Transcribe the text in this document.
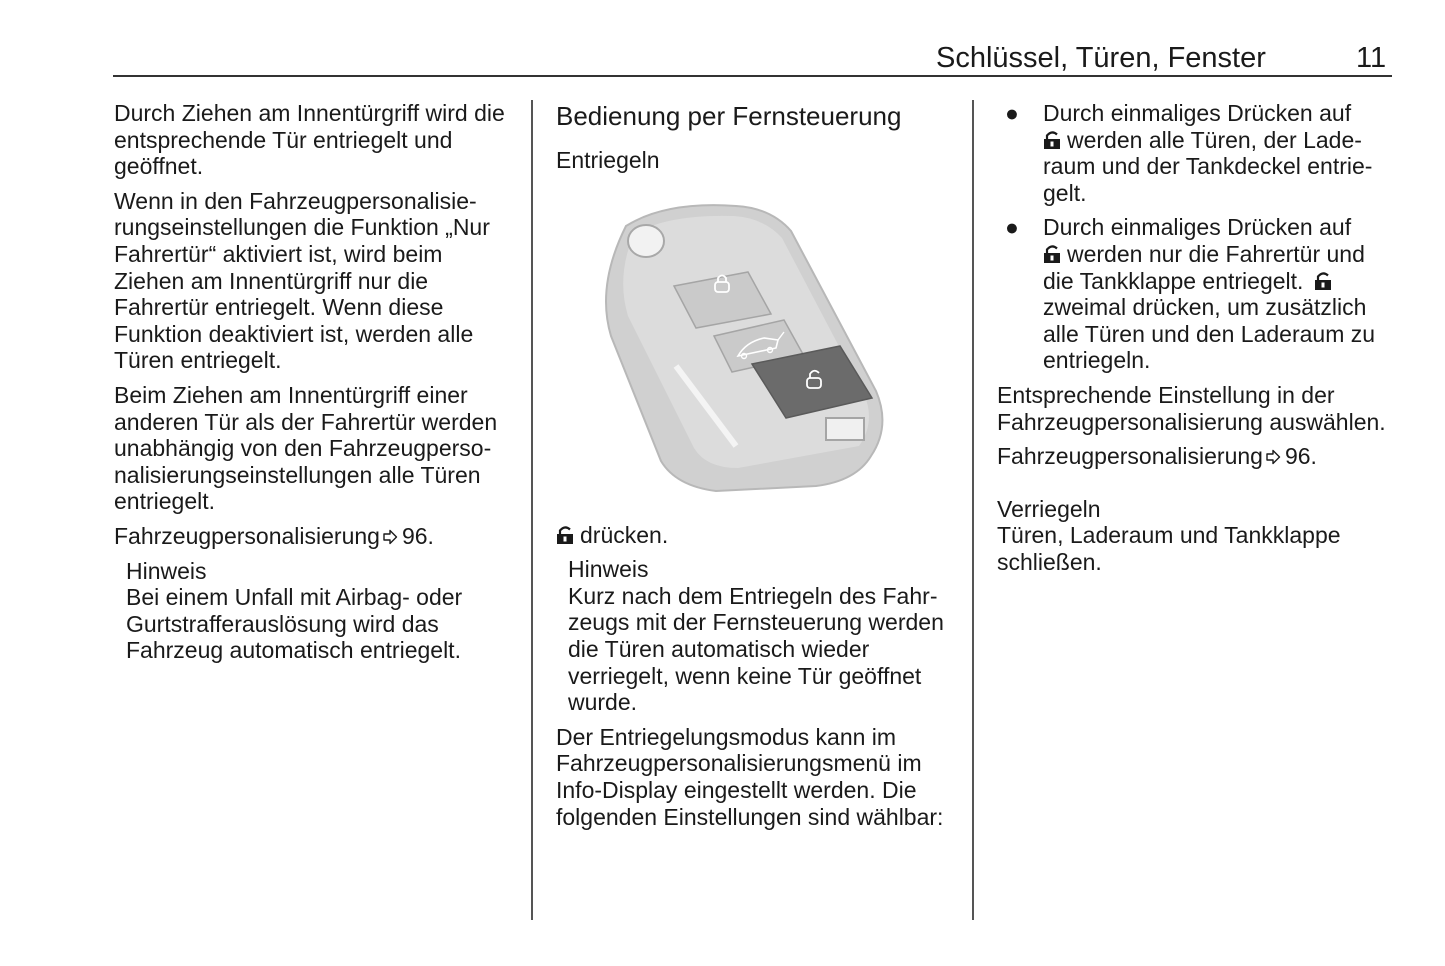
Schlüssel, Türen, Fenster	11

Durch Ziehen am Innentürgriff wird die entsprechende Tür entriegelt und geöffnet.

Wenn in den Fahrzeugpersonalisierungseinstellungen die Funktion „Nur Fahrertür“ aktiviert ist, wird beim Ziehen am Innentürgriff nur die Fahrertür entriegelt. Wenn diese Funktion deaktiviert ist, werden alle Türen entriegelt.

Beim Ziehen am Innentürgriff einer anderen Tür als der Fahrertür werden unabhängig von den Fahrzeugpersonalisierungseinstellungen alle Türen entriegelt.

Fahrzeugpersonalisierung 96.

Hinweis
Bei einem Unfall mit Airbag- oder Gurtstrafferauslösung wird das Fahrzeug automatisch entriegelt.
Bedienung per Fernsteuerung
Entriegeln

drücken.

Hinweis
Kurz nach dem Entriegeln des Fahrzeugs mit der Fernsteuerung werden die Türen automatisch wieder verriegelt, wenn keine Tür geöffnet wurde.

Der Entriegelungsmodus kann im Fahrzeugpersonalisierungsmenü im Info-Display eingestellt werden. Die folgenden Einstellungen sind wählbar:

● Durch einmaliges Drücken auf
werden alle Türen, der Laderaum und der Tankdeckel entriegelt.
● Durch einmaliges Drücken auf
werden nur die Fahrertür und die Tankklappe entriegelt.  zweimal drücken, um zusätzlich alle Türen und den Laderaum zu entriegeln.

Entsprechende Einstellung in der Fahrzeugpersonalisierung auswählen.

Fahrzeugpersonalisierung 96.

Verriegeln
Türen, Laderaum und Tankklappe schließen.
